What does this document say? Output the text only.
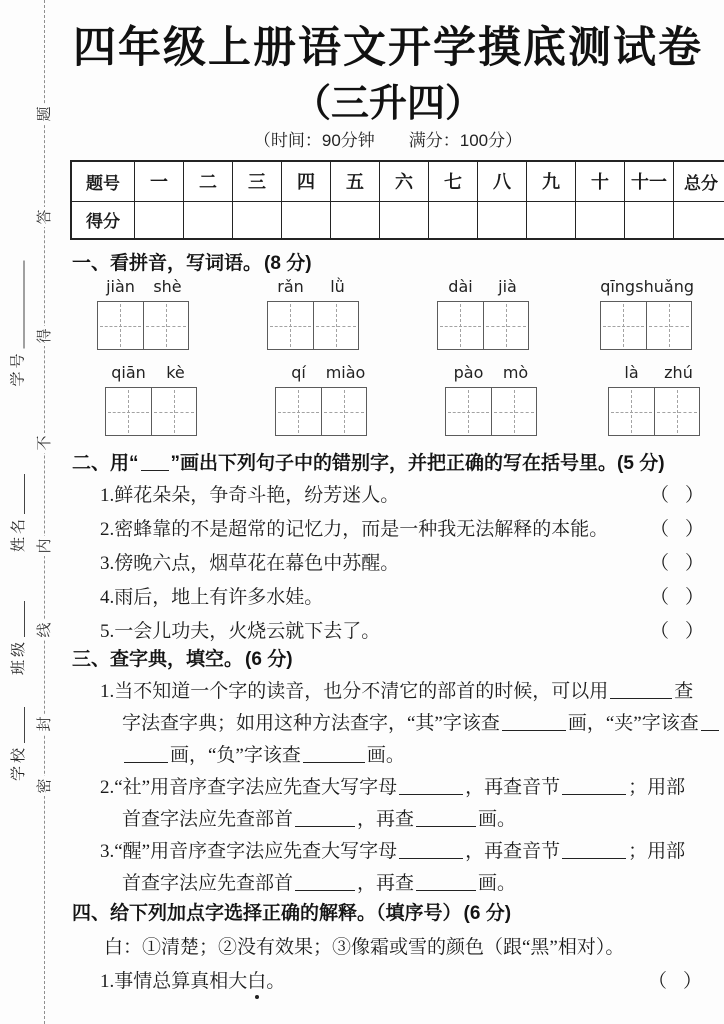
题
答
得
不
内
线
封
密
学号
姓名
班级
学校
四年级上册语文开学摸底测试卷
（三升四）
（时间：90分钟　　满分：100分）
题号	一	二	三	四	五	六	七	八	九	十	十一	总分
得分												
一、看拼音，写词语。 (8 分)
jiàn	shè	rǎn	lǜ	dài	jià	qīng shuǎng
qiān	kè	qí	miào	pào	mò	là	zhú
二、用“ ”画出下列句子中的错别字，并把正确的写在括号里。(5 分)
1.鲜花朵朵，争奇斗艳，纷芳迷人。	（ ）
2.密蜂靠的不是超常的记忆力，而是一种我无法解释的本能。 （ ）
3.傍晚六点，烟草花在幕色中苏醒。	（ ）
4.雨后，地上有许多水娃。	（ ）
5.一会儿功夫，火烧云就下去了。	（ ）
三、查字典，填空。 (6 分)
1.当不知道一个字的读音，也分不清它的部首的时候，可以用	查
字法查字典；如用这种方法查字，“其”字该查	画，“夹”字该查
画，“负”字该查	画。
2.“社”用音序查字法应先查大写字母	，再查音节	；用部
首查字法应先查部首	，再查	画。
3.“醒”用音序查字法应先查大写字母	，再查音节	；用部
首查字法应先查部首	，再查	画。
四、给下列加点字选择正确的解释。（填序号） (6 分)
白：①清楚；②没有效果；③像霜或雪的颜色（跟“黑”相对）。
1.事情总算真相大白。	（ ）
